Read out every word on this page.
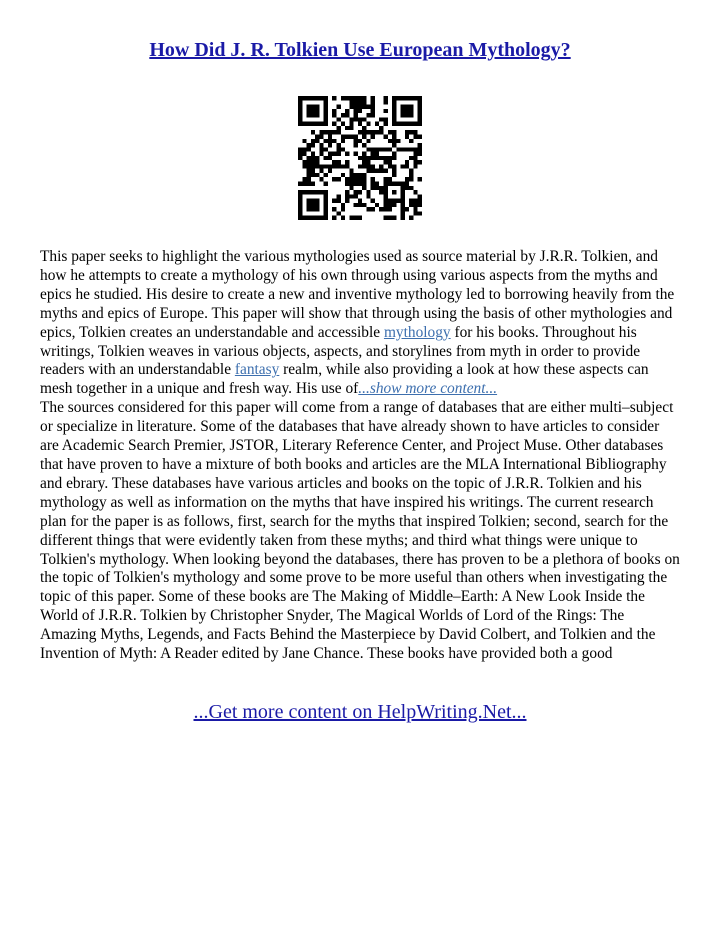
How Did J. R. Tolkien Use European Mythology?

This paper seeks to highlight the various mythologies used as source material by J.R.R. Tolkien, and how he attempts to create a mythology of his own through using various aspects from the myths and epics he studied. His desire to create a new and inventive mythology led to borrowing heavily from the myths and epics of Europe. This paper will show that through using the basis of other mythologies and epics, Tolkien creates an understandable and accessible mythology for his books. Throughout his writings, Tolkien weaves in various objects, aspects, and storylines from myth in order to provide readers with an understandable fantasy realm, while also providing a look at how these aspects can mesh together in a unique and fresh way. His use of...show more content...

The sources considered for this paper will come from a range of databases that are either multi–subject or specialize in literature. Some of the databases that have already shown to have articles to consider are Academic Search Premier, JSTOR, Literary Reference Center, and Project Muse. Other databases that have proven to have a mixture of both books and articles are the MLA International Bibliography and ebrary. These databases have various articles and books on the topic of J.R.R. Tolkien and his mythology as well as information on the myths that have inspired his writings. The current research plan for the paper is as follows, first, search for the myths that inspired Tolkien; second, search for the different things that were evidently taken from these myths; and third what things were unique to Tolkien's mythology. When looking beyond the databases, there has proven to be a plethora of books on the topic of Tolkien's mythology and some prove to be more useful than others when investigating the topic of this paper. Some of these books are The Making of Middle–Earth: A New Look Inside the World of J.R.R. Tolkien by Christopher Snyder, The Magical Worlds of Lord of the Rings: The Amazing Myths, Legends, and Facts Behind the Masterpiece by David Colbert, and Tolkien and the Invention of Myth: A Reader edited by Jane Chance. These books have provided both a good

...Get more content on HelpWriting.Net...
